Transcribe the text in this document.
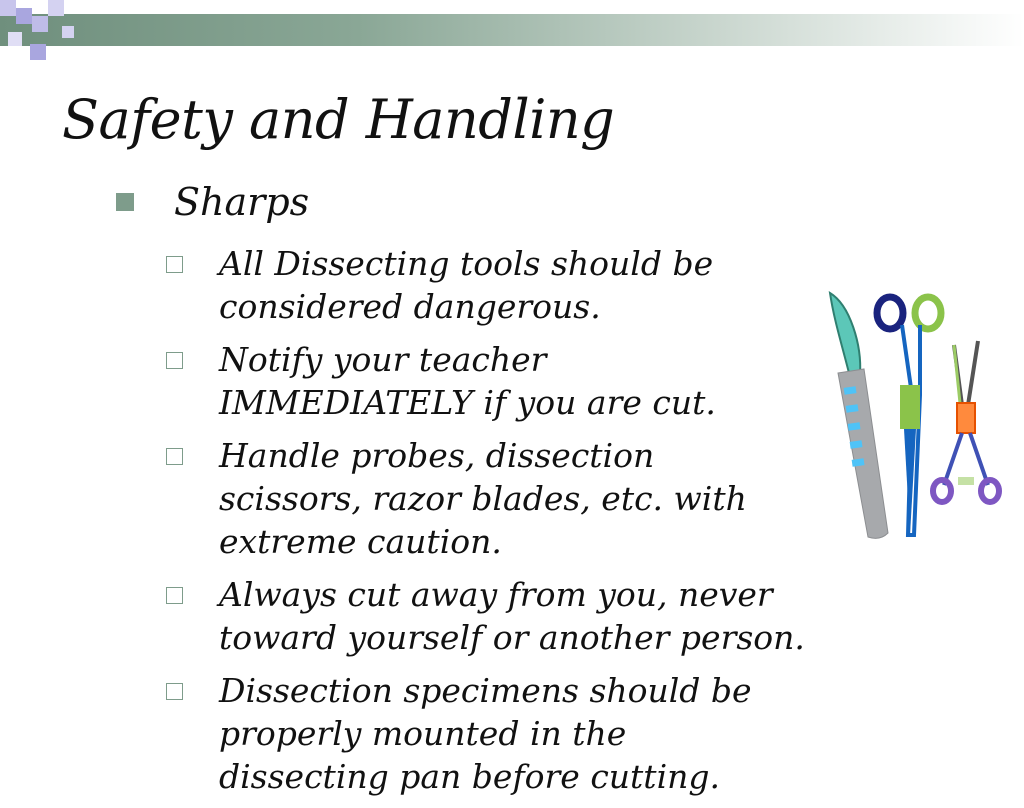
Safety and Handling
Sharps
All Dissecting tools should be considered dangerous.
Notify your teacher IMMEDIATELY if you are cut.
Handle probes, dissection scissors, razor blades, etc. with extreme caution.
Always cut away from you, never toward yourself or another person.
Dissection specimens should be properly mounted in the dissecting pan before cutting.
